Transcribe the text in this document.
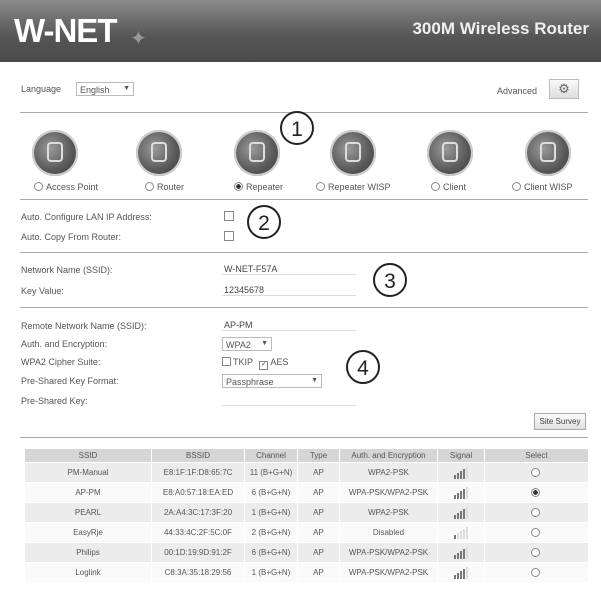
W-NET ✦	300M Wireless Router
Language	English ▼	Advanced	⚙
1
Access Point	Router	Repeater	Repeater WISP	Client	Client WISP
Auto. Configure LAN IP Address:
Auto. Copy From Router:
2
Network Name (SSID):	W-NET-F57A
Key Value:	12345678	3
Remote Network Name (SSID):	AP-PM
Auth. and Encryption:	WPA2 ▼
WPA2 Cipher Suite:	TKIP ✓ AES
Pre-Shared Key Format:	Passphrase	▼
Pre-Shared Key:
4
Site Survey
SSID	BSSID	Channel	Type	Auth. and Encryption	Signal	Select
PM-Manual	E8:1F:1F:D8:65:7C	11 (B+G+N)	AP	WPA2-PSK		
AP-PM	E8:A0:57:18:EA:ED	6 (B+G+N)	AP	WPA-PSK/WPA2-PSK		
PEARL	2A:A4:3C:17:3F:20	1 (B+G+N)	AP	WPA2-PSK		
EasyRje	44:33:4C:2F:5C:0F	2 (B+G+N)	AP	Disabled		
Philips	00:1D:19:9D:91:2F	6 (B+G+N)	AP	WPA-PSK/WPA2-PSK		
Loglink	C8:3A:35:18:29:56	1 (B+G+N)	AP	WPA-PSK/WPA2-PSK		
